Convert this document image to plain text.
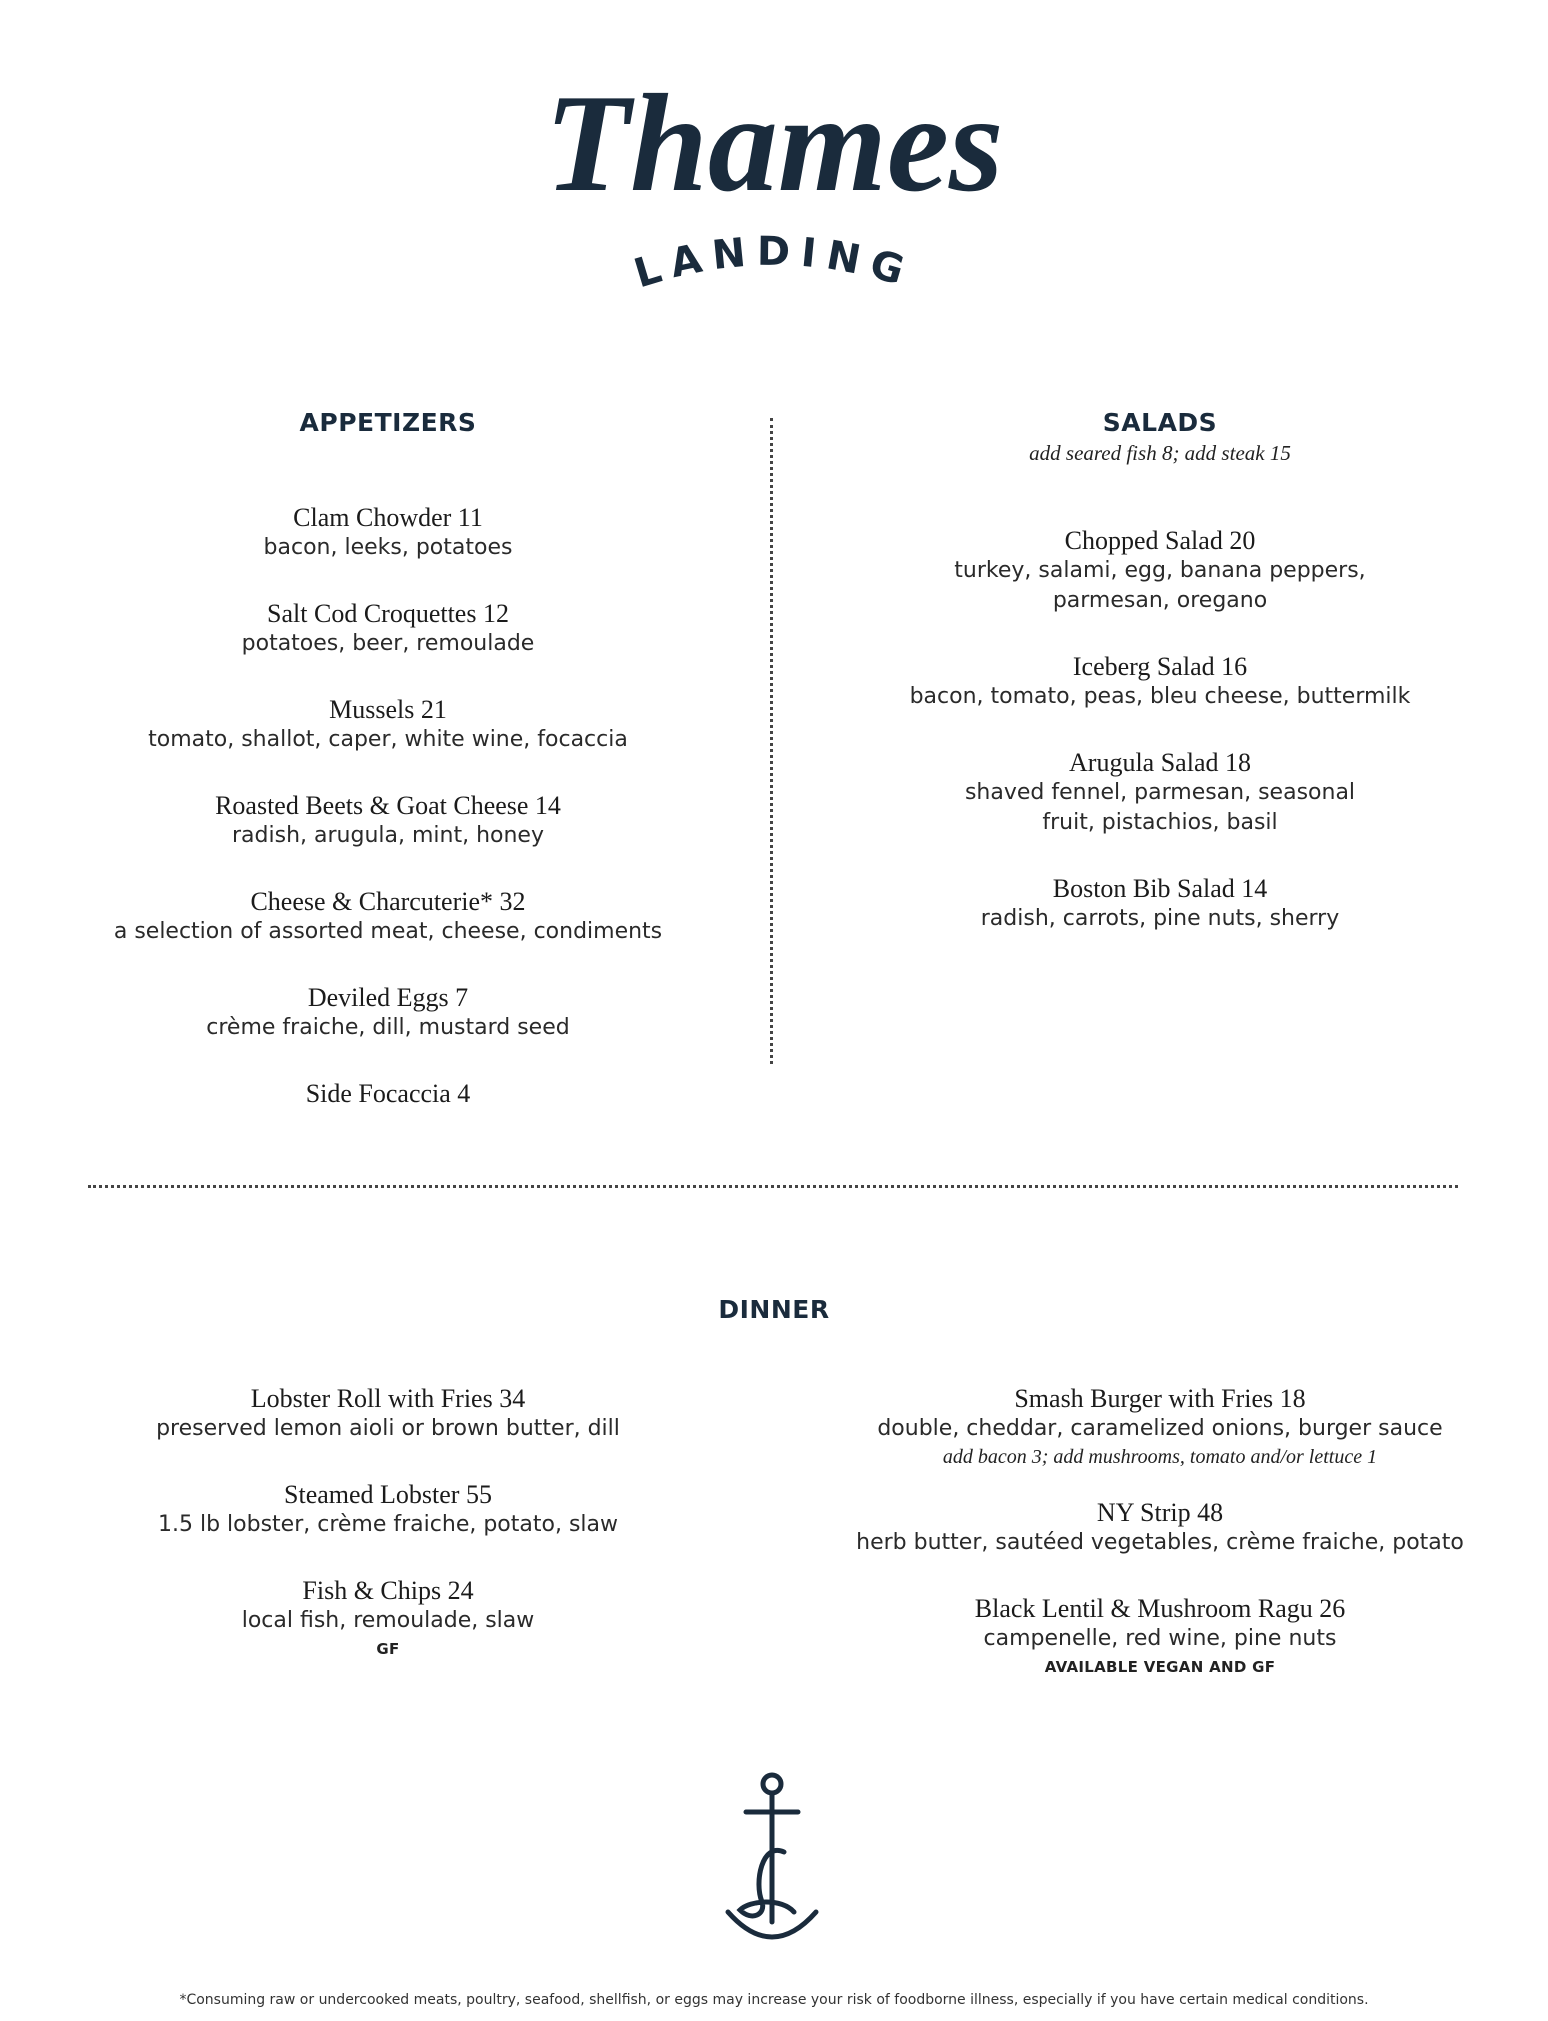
Thames
LANDING
APPETIZERS
Clam Chowder 11
bacon, leeks, potatoes
Salt Cod Croquettes 12
potatoes, beer, remoulade
Mussels 21
tomato, shallot, caper, white wine, focaccia
Roasted Beets & Goat Cheese 14
radish, arugula, mint, honey
Cheese & Charcuterie* 32
a selection of assorted meat, cheese, condiments
Deviled Eggs 7
crème fraiche, dill, mustard seed
Side Focaccia 4
SALADS
add seared fish 8; add steak 15
Chopped Salad 20
turkey, salami, egg, banana peppers,
parmesan, oregano
Iceberg Salad 16
bacon, tomato, peas, bleu cheese, buttermilk
Arugula Salad 18
shaved fennel, parmesan, seasonal
fruit, pistachios, basil
Boston Bib Salad 14
radish, carrots, pine nuts, sherry
DINNER
Lobster Roll with Fries 34
preserved lemon aioli or brown butter, dill
Steamed Lobster 55
1.5 lb lobster, crème fraiche, potato, slaw
Fish & Chips 24
local fish, remoulade, slaw
GF
Smash Burger with Fries 18
double, cheddar, caramelized onions, burger sauce
add bacon 3; add mushrooms, tomato and/or lettuce 1
NY Strip 48
herb butter, sautéed vegetables, crème fraiche, potato
Black Lentil & Mushroom Ragu 26
campenelle, red wine, pine nuts
AVAILABLE VEGAN AND GF
*Consuming raw or undercooked meats, poultry, seafood, shellfish, or eggs may increase your risk of foodborne illness, especially if you have certain medical conditions.
